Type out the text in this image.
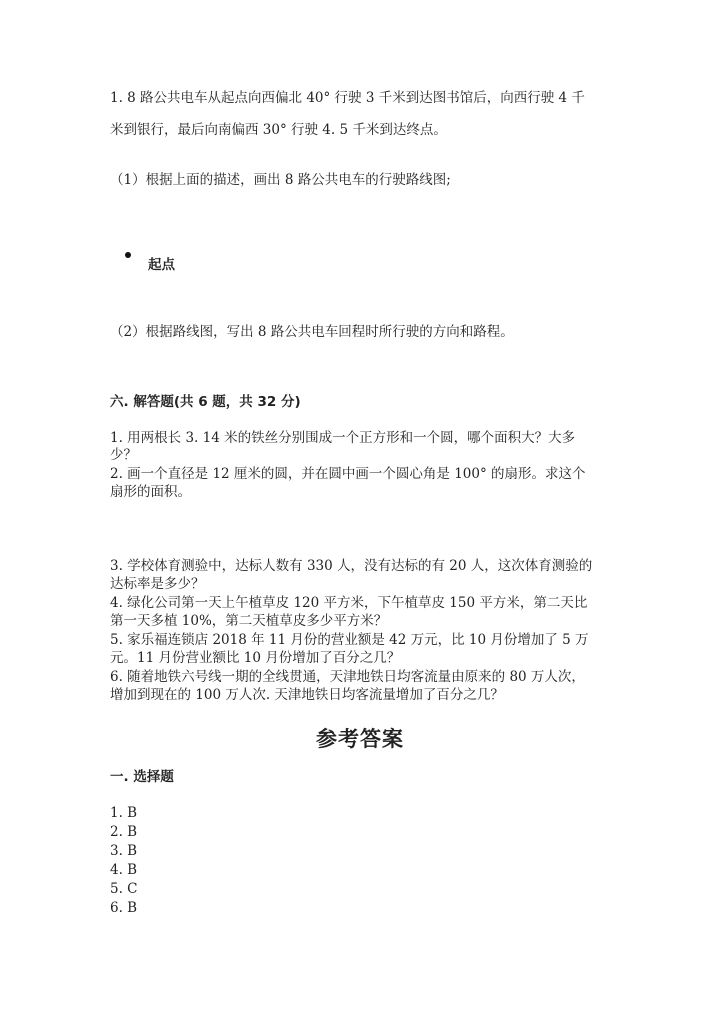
1. 8 路公共电车从起点向西偏北 40° 行驶 3 千米到达图书馆后，向西行驶 4 千
米到银行，最后向南偏西 30° 行驶 4. 5 千米到达终点。
（1）根据上面的描述，画出 8 路公共电车的行驶路线图;
起点
（2）根据路线图，写出 8 路公共电车回程时所行驶的方向和路程。
六. 解答题(共 6 题，共 32 分)
1. 用两根长 3. 14 米的铁丝分别围成一个正方形和一个圆，哪个面积大？大多
少？
2. 画一个直径是 12 厘米的圆，并在圆中画一个圆心角是 100° 的扇形。求这个
扇形的面积。
3. 学校体育测验中，达标人数有 330 人，没有达标的有 20 人，这次体育测验的
达标率是多少？
4. 绿化公司第一天上午植草皮 120 平方米，下午植草皮 150 平方米，第二天比
第一天多植 10%，第二天植草皮多少平方米？
5. 家乐福连锁店 2018 年 11 月份的营业额是 42 万元，比 10 月份增加了 5 万
元。11 月份营业额比 10 月份增加了百分之几？
6. 随着地铁六号线一期的全线贯通，天津地铁日均客流量由原来的 80 万人次，
增加到现在的 100 万人次. 天津地铁日均客流量增加了百分之几？
参考答案
一. 选择题
1. B
2. B
3. B
4. B
5. C
6. B
